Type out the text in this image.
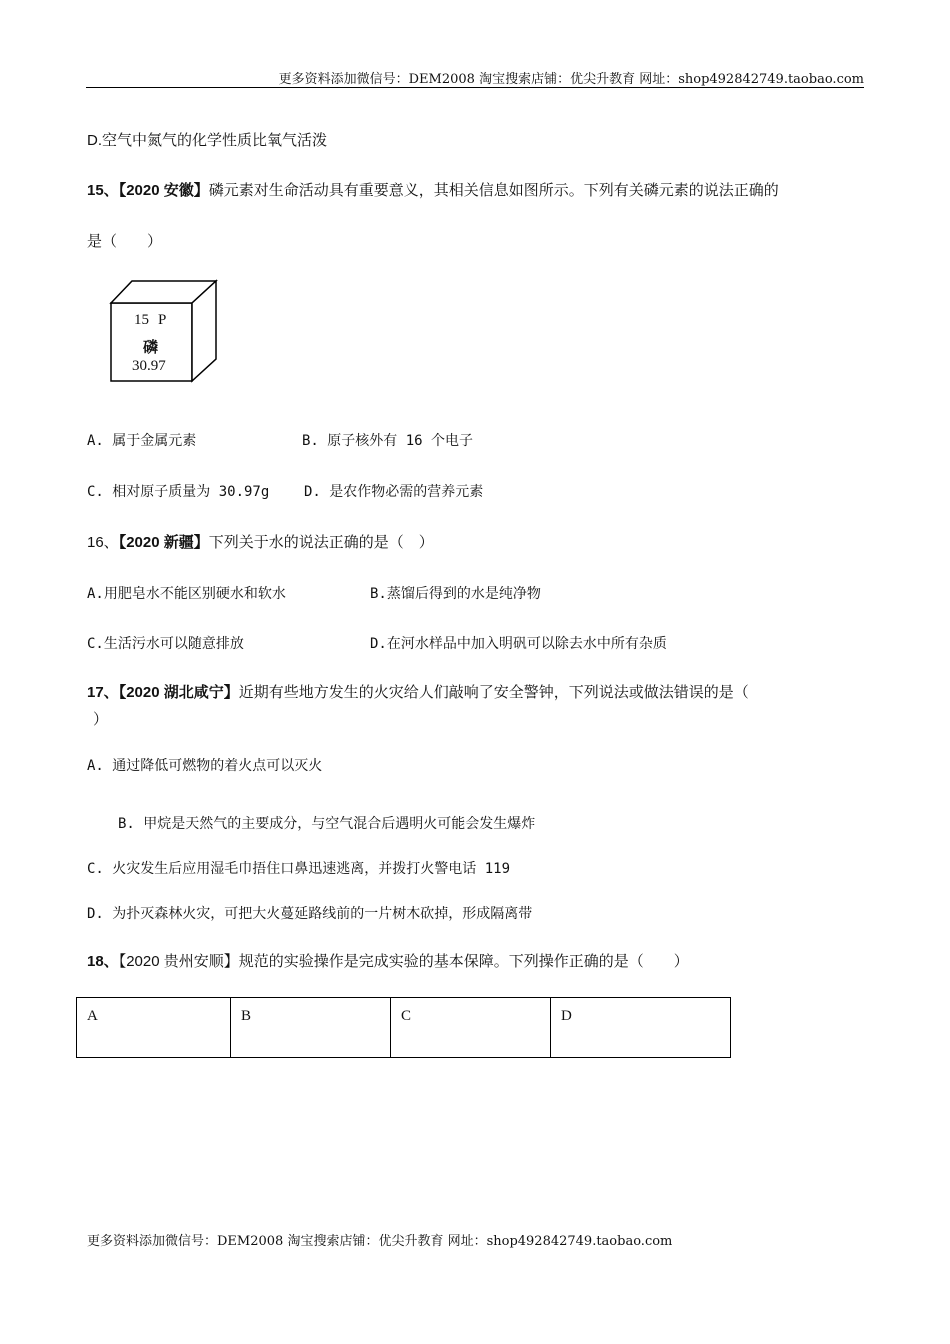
更多资料添加微信号：DEM2008 淘宝搜索店铺：优尖升教育 网址：shop492842749.taobao.com
D.空气中氮气的化学性质比氧气活泼
15、【2020 安徽】磷元素对生命活动具有重要意义，其相关信息如图所示。下列有关磷元素的说法正确的
是（　　）
15 P
磷
30.97
A. 属于金属元素	B. 原子核外有 16 个电子
C. 相对原子质量为 30.97g D. 是农作物必需的营养元素
16、【2020 新疆】下列关于水的说法正确的是（　）
A.用肥皂水不能区别硬水和软水	B.蒸馏后得到的水是纯净物
C.生活污水可以随意排放	D.在河水样品中加入明矾可以除去水中所有杂质
17、【2020 湖北咸宁】近期有些地方发生的火灾给人们敲响了安全警钟，下列说法或做法错误的是（
）
A. 通过降低可燃物的着火点可以灭火
B. 甲烷是天然气的主要成分，与空气混合后遇明火可能会发生爆炸
C. 火灾发生后应用湿毛巾捂住口鼻迅速逃离，并拨打火警电话 119
D. 为扑灭森林火灾，可把大火蔓延路线前的一片树木砍掉，形成隔离带
18、【2020 贵州安顺】规范的实验操作是完成实验的基本保障。下列操作正确的是（　　）
A	B	C	D
更多资料添加微信号：DEM2008 淘宝搜索店铺：优尖升教育 网址：shop492842749.taobao.com
